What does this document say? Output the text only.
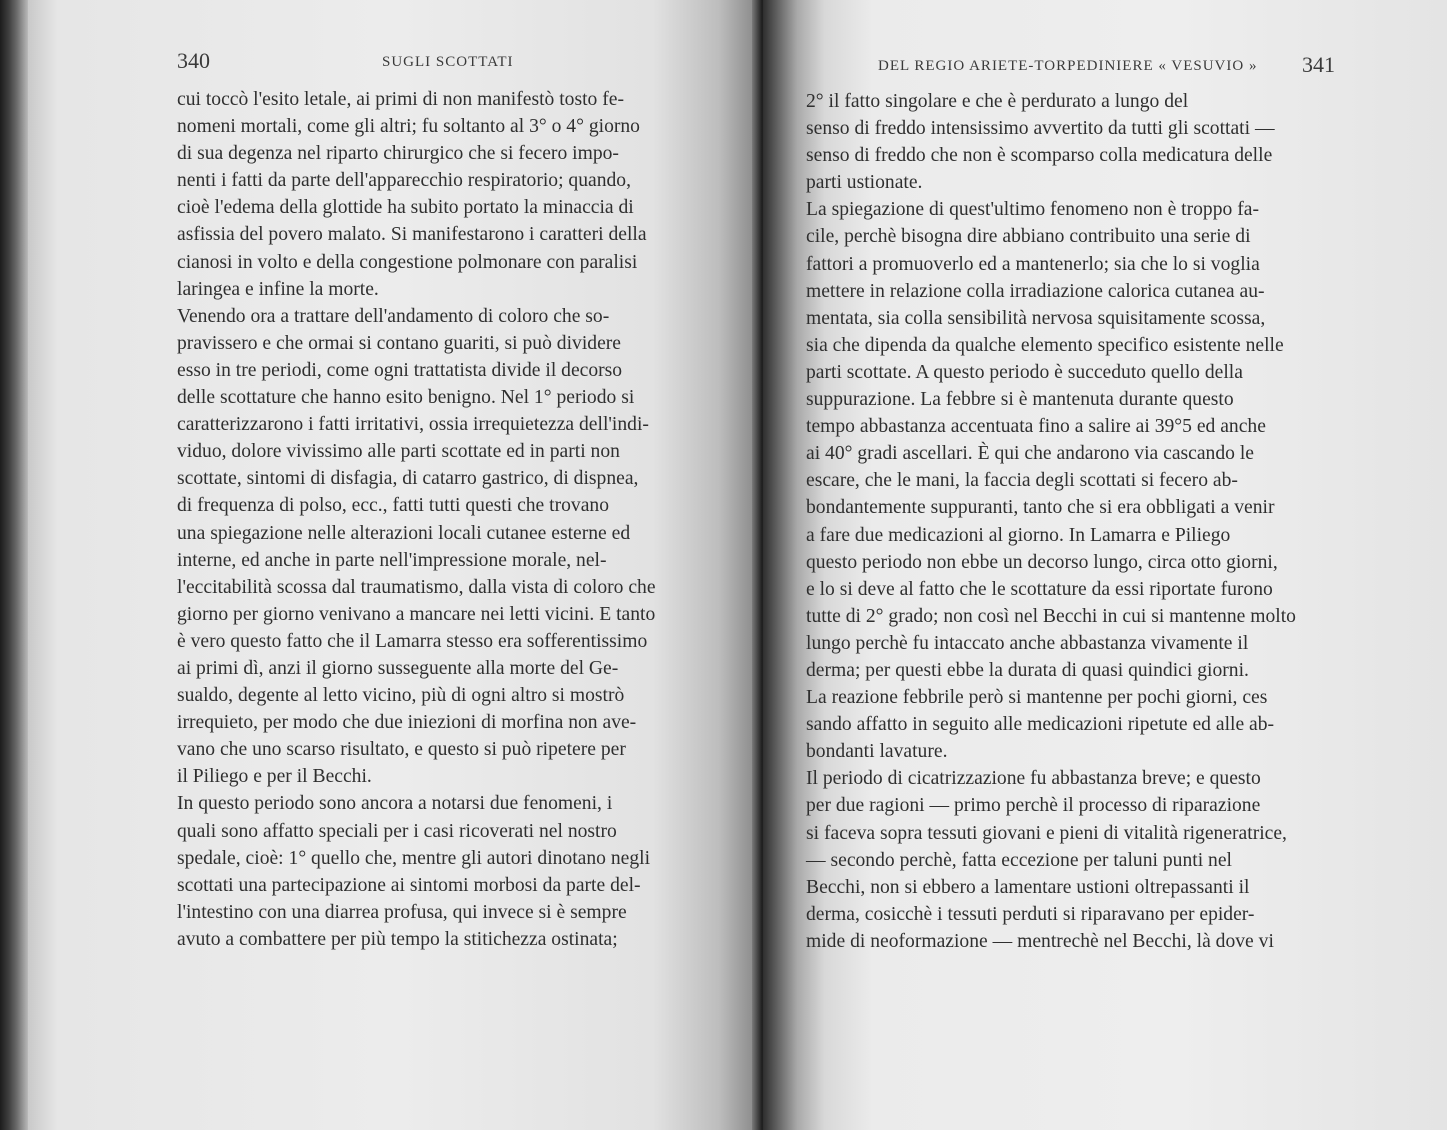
340	SUGLI SCOTTATI	DEL REGIO ARIETE-TORPEDINIERE « VESUVIO » 341
cui toccò l'esito letale, ai primi di non manifestò tosto fe-
nomeni mortali, come gli altri; fu soltanto al 3° o 4° giorno
di sua degenza nel riparto chirurgico che si fecero impo-
nenti i fatti da parte dell'apparecchio respiratorio; quando,
cioè l'edema della glottide ha subito portato la minaccia di
asfissia del povero malato. Si manifestarono i caratteri della
cianosi in volto e della congestione polmonare con paralisi
laringea e infine la morte.
Venendo ora a trattare dell'andamento di coloro che so-
pravissero e che ormai si contano guariti, si può dividere
esso in tre periodi, come ogni trattatista divide il decorso
delle scottature che hanno esito benigno. Nel 1° periodo si
caratterizzarono i fatti irritativi, ossia irrequietezza dell'indi-
viduo, dolore vivissimo alle parti scottate ed in parti non
scottate, sintomi di disfagia, di catarro gastrico, di dispnea,
di frequenza di polso, ecc., fatti tutti questi che trovano
una spiegazione nelle alterazioni locali cutanee esterne ed
interne, ed anche in parte nell'impressione morale, nel-
l'eccitabilità scossa dal traumatismo, dalla vista di coloro che
giorno per giorno venivano a mancare nei letti vicini. E tanto
è vero questo fatto che il Lamarra stesso era sofferentissimo
ai primi dì, anzi il giorno susseguente alla morte del Ge-
sualdo, degente al letto vicino, più di ogni altro si mostrò
irrequieto, per modo che due iniezioni di morfina non ave-
vano che uno scarso risultato, e questo si può ripetere per
il Piliego e per il Becchi.
In questo periodo sono ancora a notarsi due fenomeni, i
quali sono affatto speciali per i casi ricoverati nel nostro
spedale, cioè: 1° quello che, mentre gli autori dinotano negli
scottati una partecipazione ai sintomi morbosi da parte del-
l'intestino con una diarrea profusa, qui invece si è sempre
avuto a combattere per più tempo la stitichezza ostinata;
2° il fatto singolare e che è perdurato a lungo del
senso di freddo intensissimo avvertito da tutti gli scottati —
senso di freddo che non è scomparso colla medicatura delle
parti ustionate.
La spiegazione di quest'ultimo fenomeno non è troppo fa-
cile, perchè bisogna dire abbiano contribuito una serie di
fattori a promuoverlo ed a mantenerlo; sia che lo si voglia
mettere in relazione colla irradiazione calorica cutanea au-
mentata, sia colla sensibilità nervosa squisitamente scossa,
sia che dipenda da qualche elemento specifico esistente nelle
parti scottate. A questo periodo è succeduto quello della
suppurazione. La febbre si è mantenuta durante questo
tempo abbastanza accentuata fino a salire ai 39°5 ed anche
ai 40° gradi ascellari. È qui che andarono via cascando le
escare, che le mani, la faccia degli scottati si fecero ab-
bondantemente suppuranti, tanto che si era obbligati a venir
a fare due medicazioni al giorno. In Lamarra e Piliego
questo periodo non ebbe un decorso lungo, circa otto giorni,
e lo si deve al fatto che le scottature da essi riportate furono
tutte di 2° grado; non così nel Becchi in cui si mantenne molto
lungo perchè fu intaccato anche abbastanza vivamente il
derma; per questi ebbe la durata di quasi quindici giorni.
La reazione febbrile però si mantenne per pochi giorni, ces
sando affatto in seguito alle medicazioni ripetute ed alle ab-
bondanti lavature.
Il periodo di cicatrizzazione fu abbastanza breve; e questo
per due ragioni — primo perchè il processo di riparazione
si faceva sopra tessuti giovani e pieni di vitalità rigeneratrice,
— secondo perchè, fatta eccezione per taluni punti nel
Becchi, non si ebbero a lamentare ustioni oltrepassanti il
derma, cosicchè i tessuti perduti si riparavano per epider-
mide di neoformazione — mentrechè nel Becchi, là dove vi
